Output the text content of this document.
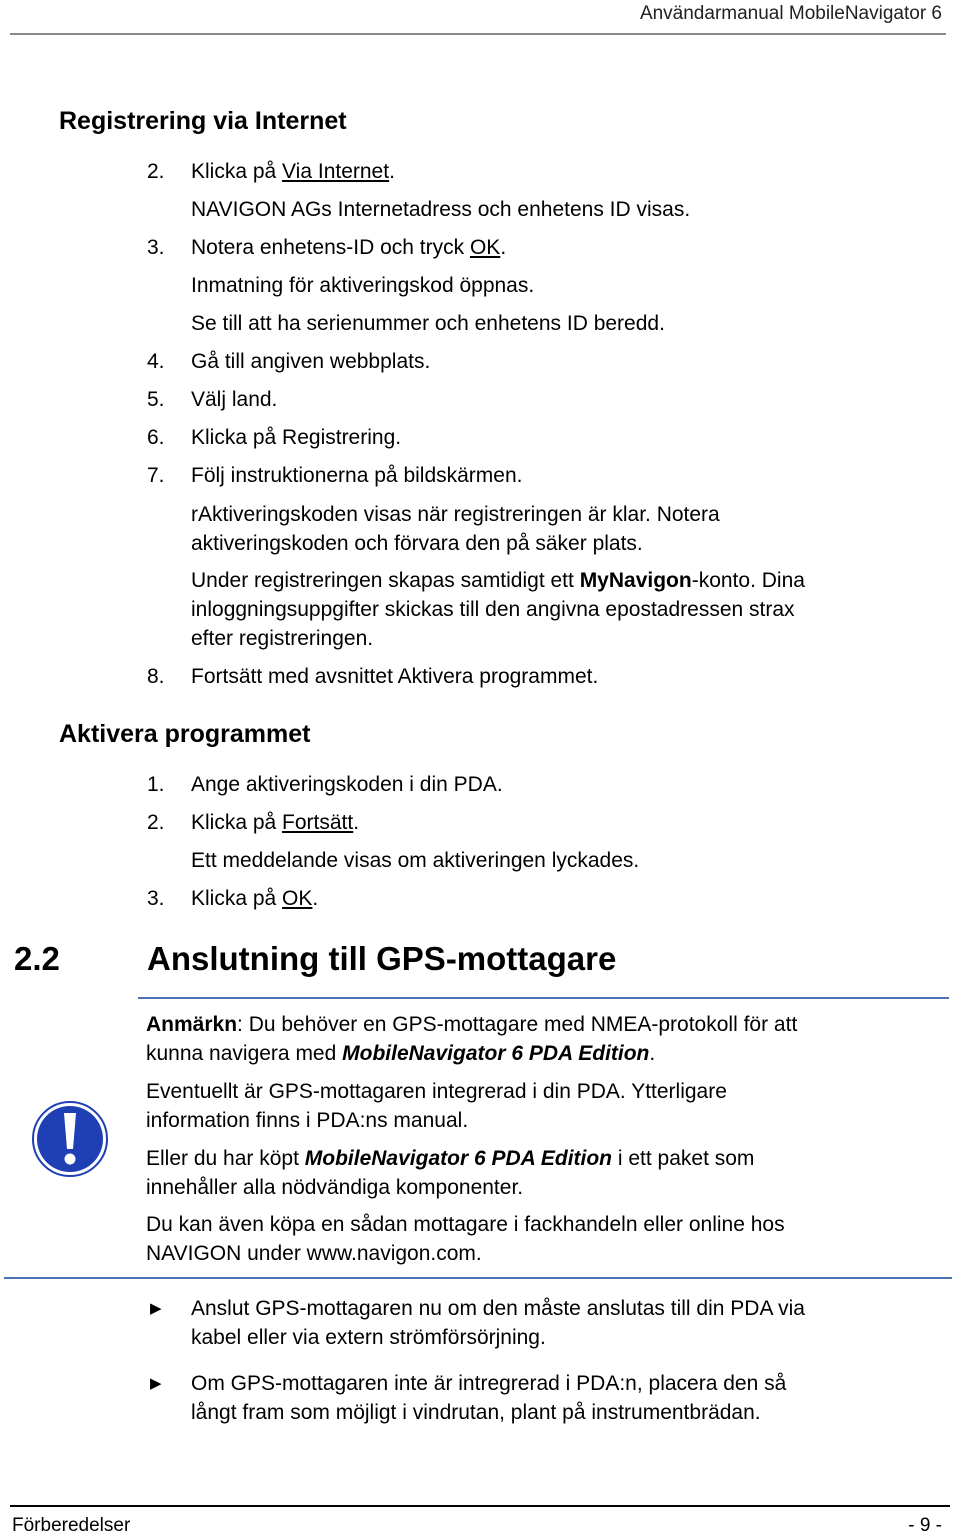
Användarmanual MobileNavigator 6
Registrering via Internet
2. Klicka på Via Internet.
NAVIGON AGs Internetadress och enhetens ID visas.
3. Notera enhetens-ID och tryck OK.
Inmatning för aktiveringskod öppnas.
Se till att ha serienummer och enhetens ID beredd.
4. Gå till angiven webbplats.
5. Välj land.
6. Klicka på Registrering.
7. Följ instruktionerna på bildskärmen.
rAktiveringskoden visas när registreringen är klar. Notera
aktiveringskoden och förvara den på säker plats.
Under registreringen skapas samtidigt ett MyNavigon-konto. Dina
inloggningsuppgifter skickas till den angivna epostadressen strax
efter registreringen.
8. Fortsätt med avsnittet Aktivera programmet.
Aktivera programmet
1. Ange aktiveringskoden i din PDA.
2. Klicka på Fortsätt.
Ett meddelande visas om aktiveringen lyckades.
3. Klicka på OK.
2.2	Anslutning till GPS-mottagare
Anmärkn: Du behöver en GPS-mottagare med NMEA-protokoll för att
kunna navigera med MobileNavigator 6 PDA Edition.
Eventuellt är GPS-mottagaren integrerad i din PDA. Ytterligare
information finns i PDA:ns manual.
Eller du har köpt MobileNavigator 6 PDA Edition i ett paket som
innehåller alla nödvändiga komponenter.
Du kan även köpa en sådan mottagare i fackhandeln eller online hos
NAVIGON under www.navigon.com.
▶ Anslut GPS-mottagaren nu om den måste anslutas till din PDA via
kabel eller via extern strömförsörjning.
▶ Om GPS-mottagaren inte är intregrerad i PDA:n, placera den så
långt fram som möjligt i vindrutan, plant på instrumentbrädan.
Förberedelser	- 9 -
